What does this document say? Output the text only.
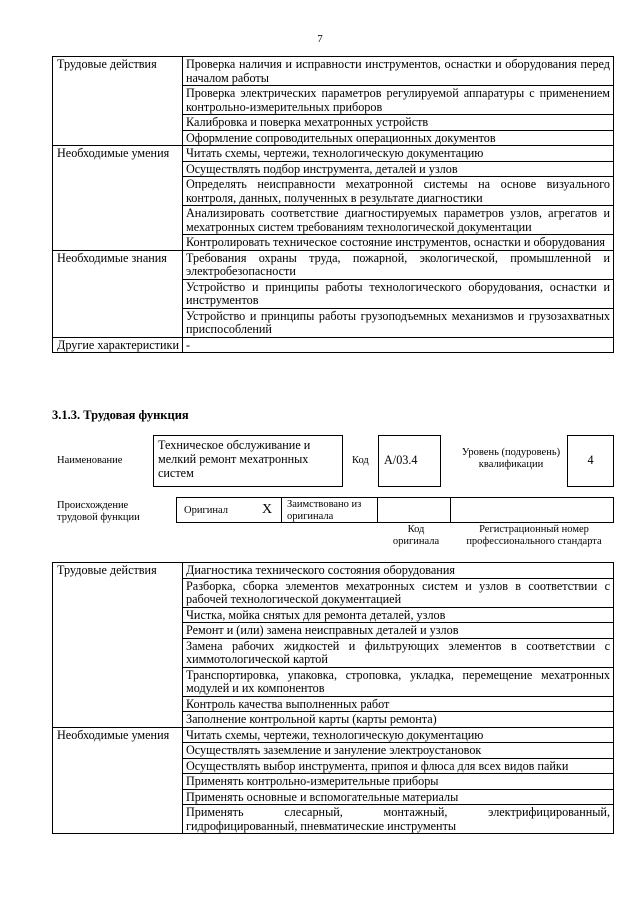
7
Трудовые действия	Проверка наличия и исправности инструментов, оснастки и оборудования перед началом работы
	Проверка электрических параметров регулируемой аппаратуры с применением контрольно-измерительных приборов
	Калибровка и поверка мехатронных устройств
	Оформление сопроводительных операционных документов
Необходимые умения	Читать схемы, чертежи, технологическую документацию
	Осуществлять подбор инструмента, деталей и узлов
	Определять неисправности мехатронной системы на основе визуального контроля, данных, полученных в результате диагностики
	Анализировать соответствие диагностируемых параметров узлов, агрегатов и мехатронных систем требованиям технологической документации
	Контролировать техническое состояние инструментов, оснастки и оборудования
Необходимые знания	Требования охраны труда, пожарной, экологической, промышленной и электробезопасности
	Устройство и принципы работы технологического оборудования, оснастки и инструментов
	Устройство и принципы работы грузоподъемных механизмов и грузозахватных приспособлений
Другие характеристики	-
3.1.3. Трудовая функция
Наименование
Техническое обслуживание и мелкий ремонт мехатронных систем
Код A/03.4
Уровень (подуровень) квалификации	4
Происхождение трудовой функции
Оригинал X Заимствовано из оригинала
Код оригинала
Регистрационный номер профессионального стандарта
Трудовые действия	Диагностика технического состояния оборудования
	Разборка, сборка элементов мехатронных систем и узлов в соответствии с рабочей технологической документацией
	Чистка, мойка снятых для ремонта деталей, узлов
	Ремонт и (или) замена неисправных деталей и узлов
	Замена рабочих жидкостей и фильтрующих элементов в соответствии с химмотологической картой
	Транспортировка, упаковка, строповка, укладка, перемещение мехатронных модулей и их компонентов
	Контроль качества выполненных работ
	Заполнение контрольной карты (карты ремонта)
Необходимые умения	Читать схемы, чертежи, технологическую документацию
	Осуществлять заземление и зануление электроустановок
	Осуществлять выбор инструмента, припоя и флюса для всех видов пайки
	Применять контрольно-измерительные приборы
	Применять основные и вспомогательные материалы
	Применять слесарный, монтажный, электрифицированный, гидрофицированный, пневматические инструменты
